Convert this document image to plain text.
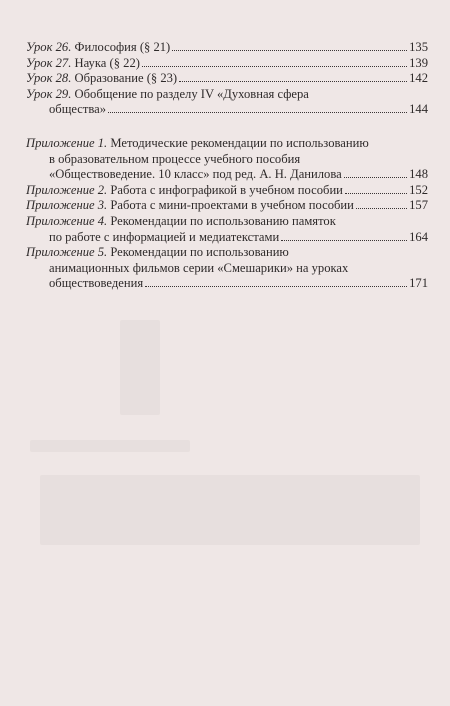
Урок 26. Философия (§ 21)	135
Урок 27. Наука (§ 22)	139
Урок 28. Образование (§ 23)	142
Урок 29. Обобщение по разделу IV «Духовная сфера
общества»	144
Приложение 1. Методические рекомендации по использованию
в образовательном процессе учебного пособия
«Обществоведение. 10 класс» под ред. А. Н. Данилова	148
Приложение 2. Работа с инфографикой в учебном пособии	152
Приложение 3. Работа с мини-проектами в учебном пособии	157
Приложение 4. Рекомендации по использованию памяток
по работе с информацией и медиатекстами	164
Приложение 5. Рекомендации по использованию
анимационных фильмов серии «Смешарики» на уроках
обществоведения	171
